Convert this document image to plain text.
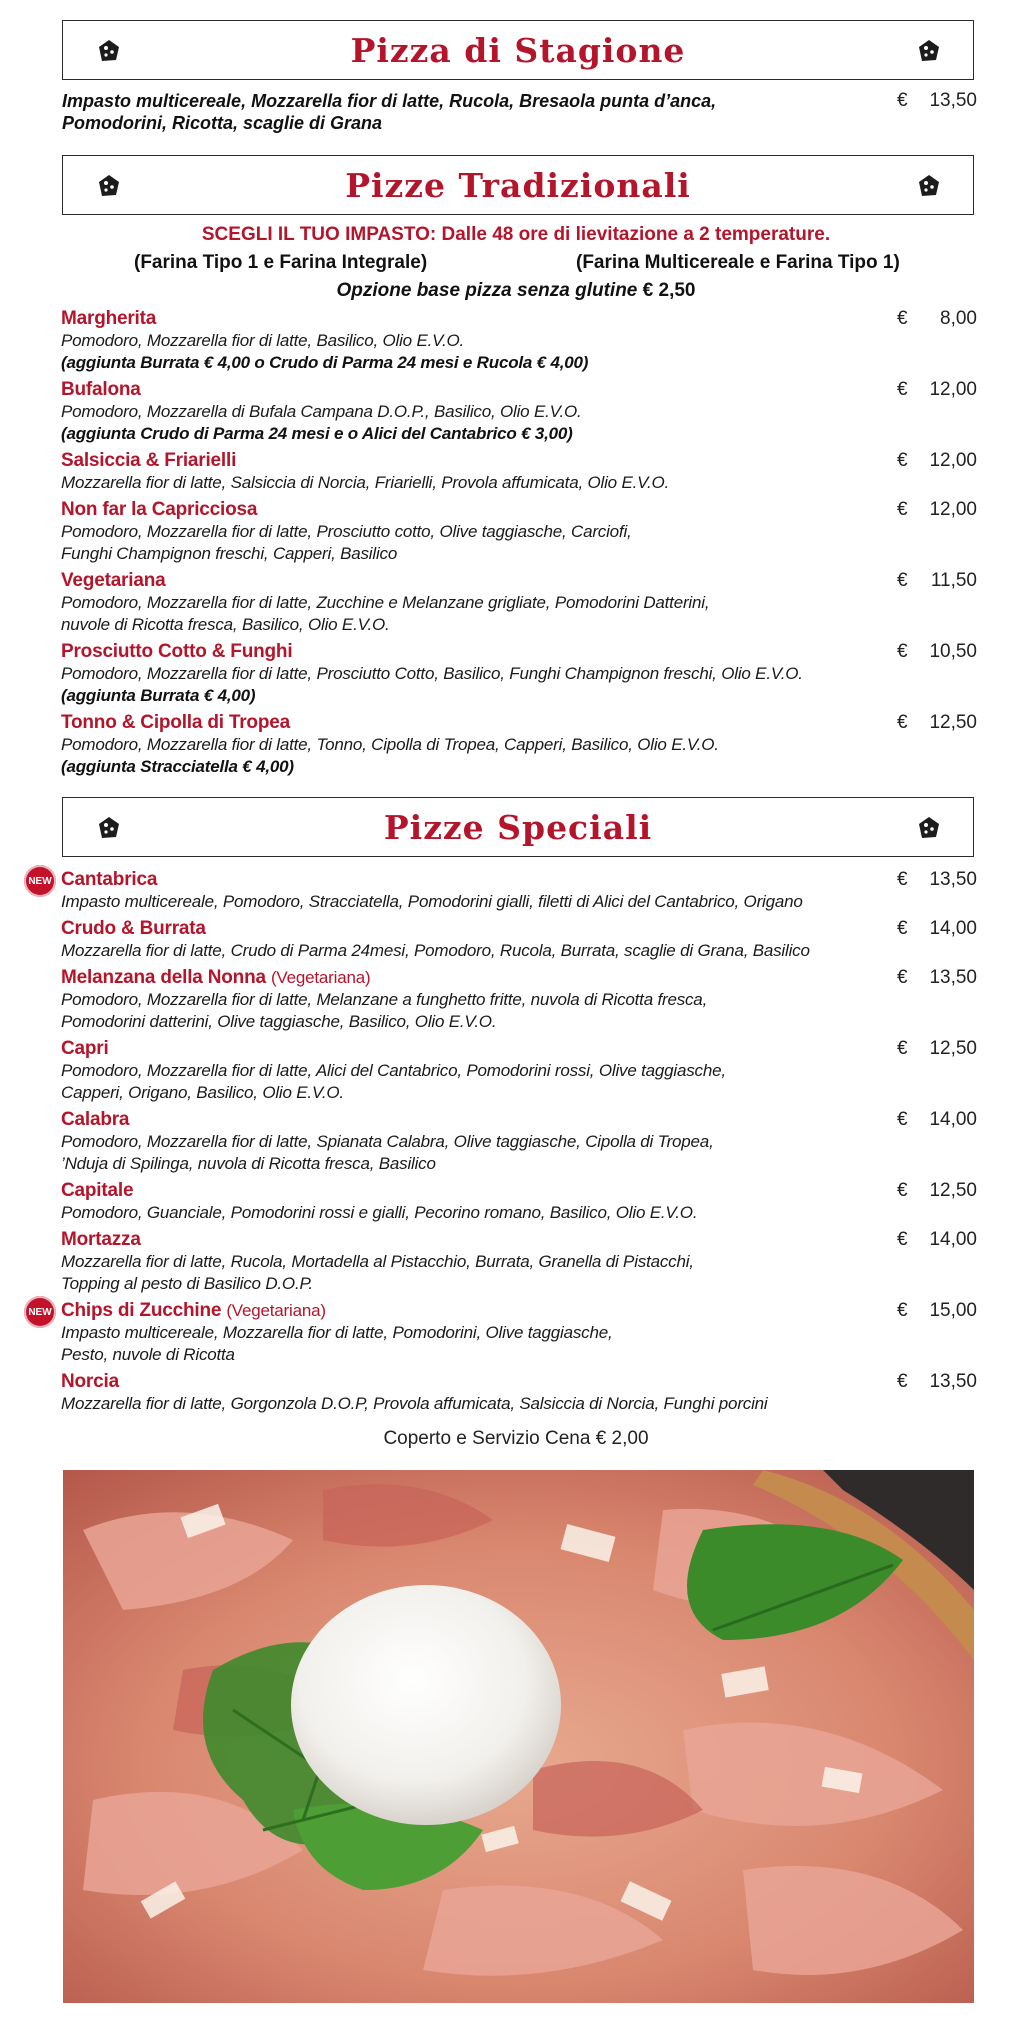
Pizza di Stagione
Impasto multicereale, Mozzarella fior di latte, Rucola, Bresaola punta d’anca,
Pomodorini, Ricotta, scaglie di Grana
€ 13,50
Pizze Tradizionali
SCEGLI IL TUO IMPASTO: Dalle 48 ore di lievitazione a 2 temperature.
(Farina Tipo 1 e Farina Integrale)	(Farina Multicereale e Farina Tipo 1)
Opzione base pizza senza glutine € 2,50
Margherita
Pomodoro, Mozzarella fior di latte, Basilico, Olio E.V.O.
(aggiunta Burrata € 4,00 o Crudo di Parma 24 mesi e Rucola € 4,00)
€ 8,00
Bufalona
Pomodoro, Mozzarella di Bufala Campana D.O.P., Basilico, Olio E.V.O.
(aggiunta Crudo di Parma 24 mesi e o Alici del Cantabrico € 3,00)
€ 12,00
Salsiccia & Friarielli
Mozzarella fior di latte, Salsiccia di Norcia, Friarielli, Provola affumicata, Olio E.V.O.
€ 12,00
Non far la Capricciosa
Pomodoro, Mozzarella fior di latte, Prosciutto cotto, Olive taggiasche, Carciofi,
Funghi Champignon freschi, Capperi, Basilico
€ 12,00
Vegetariana
Pomodoro, Mozzarella fior di latte, Zucchine e Melanzane grigliate, Pomodorini Datterini,
nuvole di Ricotta fresca, Basilico, Olio E.V.O.
€ 11,50
Prosciutto Cotto & Funghi
Pomodoro, Mozzarella fior di latte, Prosciutto Cotto, Basilico, Funghi Champignon freschi, Olio E.V.O.
(aggiunta Burrata € 4,00)
€ 10,50
Tonno & Cipolla di Tropea
Pomodoro, Mozzarella fior di latte, Tonno, Cipolla di Tropea, Capperi, Basilico, Olio E.V.O.
(aggiunta Stracciatella € 4,00)
€ 12,50
Pizze Speciali
Cantabrica
Impasto multicereale, Pomodoro, Stracciatella, Pomodorini gialli, filetti di Alici del Cantabrico, Origano
€ 13,50
NEW
Crudo & Burrata
Mozzarella fior di latte, Crudo di Parma 24mesi, Pomodoro, Rucola, Burrata, scaglie di Grana, Basilico
€ 14,00
Melanzana della Nonna (Vegetariana)
Pomodoro, Mozzarella fior di latte, Melanzane a funghetto fritte, nuvola di Ricotta fresca,
Pomodorini datterini, Olive taggiasche, Basilico, Olio E.V.O.
€ 13,50
Capri
Pomodoro, Mozzarella fior di latte, Alici del Cantabrico, Pomodorini rossi, Olive taggiasche,
Capperi, Origano, Basilico, Olio E.V.O.
€ 12,50
Calabra
Pomodoro, Mozzarella fior di latte, Spianata Calabra, Olive taggiasche, Cipolla di Tropea,
’Nduja di Spilinga, nuvola di Ricotta fresca, Basilico
€ 14,00
Capitale
Pomodoro, Guanciale, Pomodorini rossi e gialli, Pecorino romano, Basilico, Olio E.V.O.
€ 12,50
Mortazza
Mozzarella fior di latte, Rucola, Mortadella al Pistacchio, Burrata, Granella di Pistacchi,
Topping al pesto di Basilico D.O.P.
€ 14,00
Chips di Zucchine (Vegetariana)
Impasto multicereale, Mozzarella fior di latte, Pomodorini, Olive taggiasche,
Pesto, nuvole di Ricotta
€ 15,00
NEW
Norcia
Mozzarella fior di latte, Gorgonzola D.O.P, Provola affumicata, Salsiccia di Norcia, Funghi porcini
€ 13,50
Coperto e Servizio Cena € 2,00
